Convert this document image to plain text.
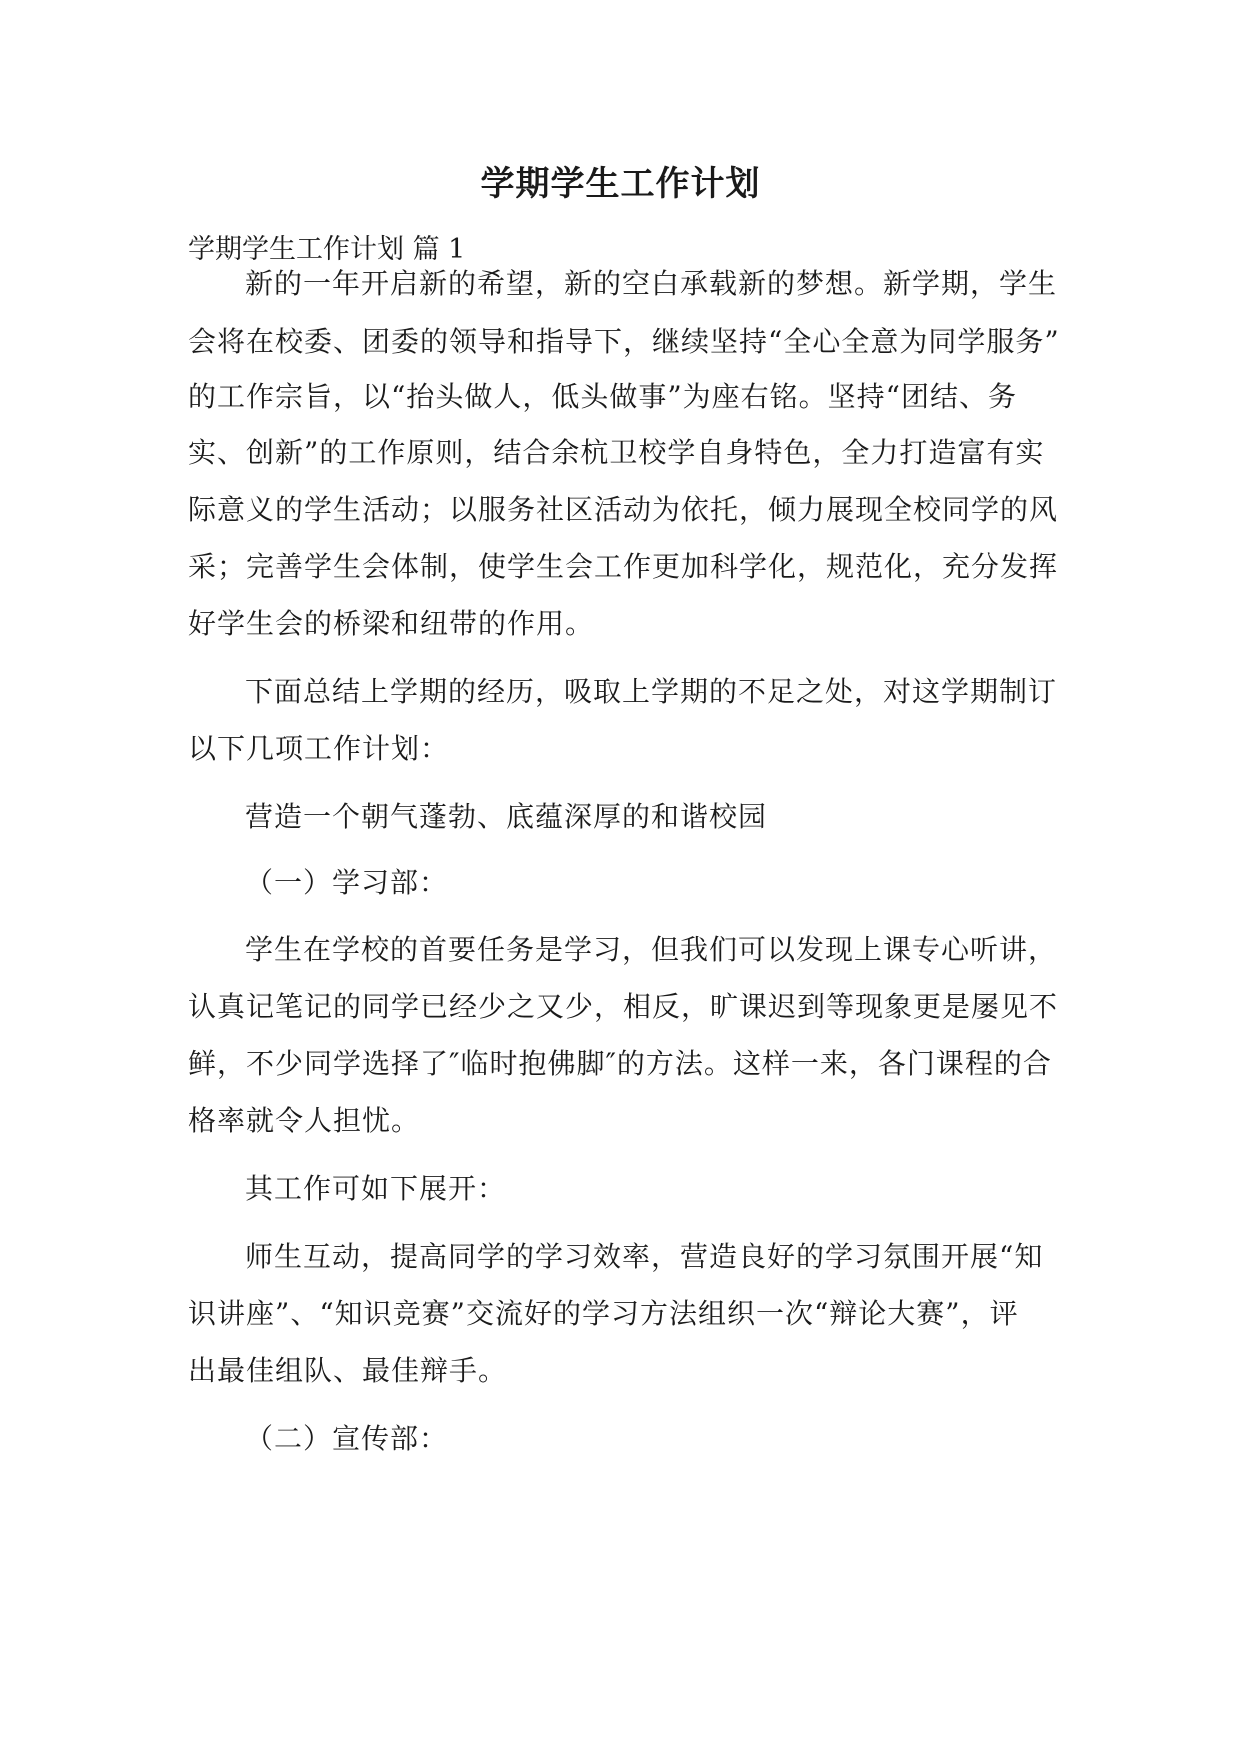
学期学生工作计划
学期学生工作计划 篇 1
新的一年开启新的希望，新的空白承载新的梦想。新学期，学生
会将在校委、团委的领导和指导下，继续坚持“全心全意为同学服务”
的工作宗旨，以“抬头做人，低头做事”为座右铭。坚持“团结、务
实、创新”的工作原则，结合余杭卫校学自身特色，全力打造富有实
际意义的学生活动；以服务社区活动为依托，倾力展现全校同学的风
采；完善学生会体制，使学生会工作更加科学化，规范化，充分发挥
好学生会的桥梁和纽带的作用。
下面总结上学期的经历，吸取上学期的不足之处，对这学期制订
以下几项工作计划：
营造一个朝气蓬勃、底蕴深厚的和谐校园
（一）学习部：
学生在学校的首要任务是学习，但我们可以发现上课专心听讲，
认真记笔记的同学已经少之又少，相反，旷课迟到等现象更是屡见不
鲜，不少同学选择了″临时抱佛脚″的方法。这样一来，各门课程的合
格率就令人担忧。
其工作可如下展开：
师生互动，提高同学的学习效率，营造良好的学习氛围开展“知
识讲座”、“知识竞赛”交流好的学习方法组织一次“辩论大赛”，评
出最佳组队、最佳辩手。
（二）宣传部：
